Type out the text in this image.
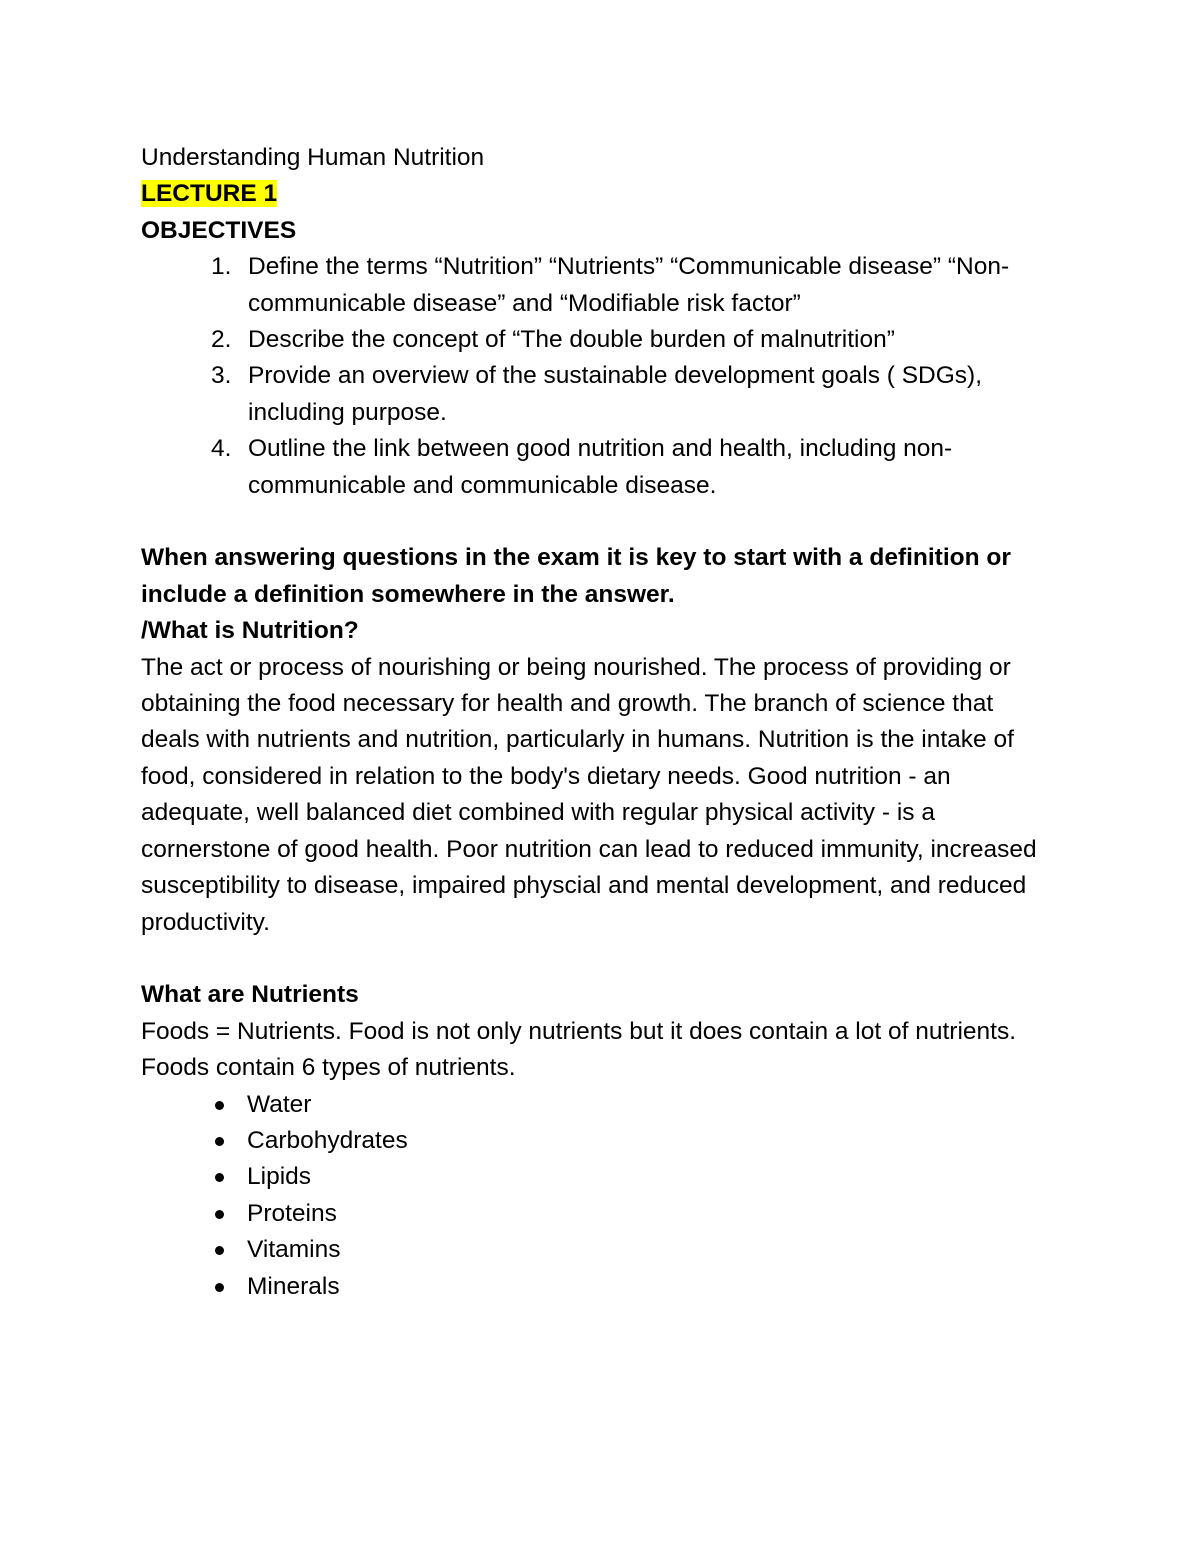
Understanding Human Nutrition

LECTURE 1

OBJECTIVES

1. Define the terms “Nutrition” “Nutrients” “Communicable disease” “Non-communicable disease” and “Modifiable risk factor”
2. Describe the concept of “The double burden of malnutrition”
3. Provide an overview of the sustainable development goals ( SDGs), including purpose.
4. Outline the link between good nutrition and health, including non-communicable and communicable disease.

When answering questions in the exam it is key to start with a definition or include a definition somewhere in the answer.

/What is Nutrition?

The act or process of nourishing or being nourished. The process of providing or obtaining the food necessary for health and growth. The branch of science that deals with nutrients and nutrition, particularly in humans. Nutrition is the intake of food, considered in relation to the body's dietary needs. Good nutrition - an adequate, well balanced diet combined with regular physical activity - is a cornerstone of good health. Poor nutrition can lead to reduced immunity, increased susceptibility to disease, impaired physcial and mental development, and reduced productivity.

What are Nutrients

Foods = Nutrients. Food is not only nutrients but it does contain a lot of nutrients.

Foods contain 6 types of nutrients.

Water
Carbohydrates
Lipids
Proteins
Vitamins
Minerals
